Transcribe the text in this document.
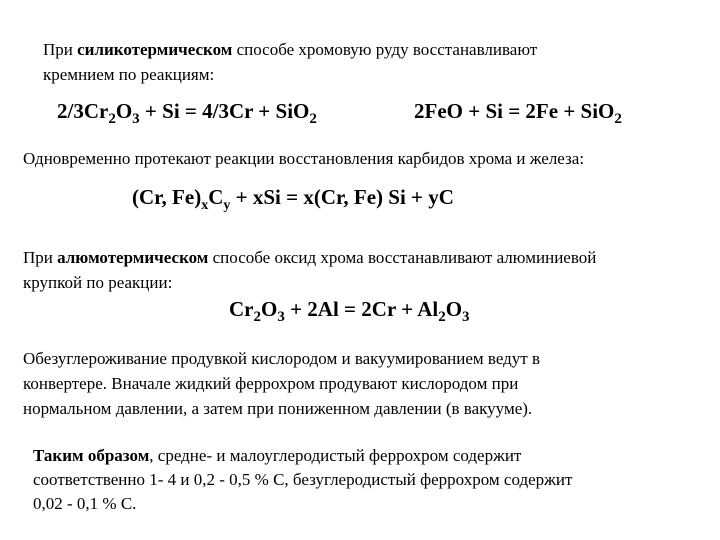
При силикотермическом способе хромовую руду восстанавливают
кремнием по реакциям:
$2/3Cr_2O_3 + Si = 4/3Cr + SiO_2$	2FeO + Si = 2Fe + SiO$_2$
Одновременно протекают реакции восстановления карбидов хрома и железа:
(Cr, $Fe)_xC_y$ + xSi = x(Cr, Fe) Si + yC
При алюмотермическом способе оксид хрома восстанавливают алюминиевой
крупкой по реакции:
$Cr_2O_3 + 2Al = 2Cr + Al_2O_3$
Обезуглероживание продувкой кислородом и вакуумированием ведут в
конвертере. Вначале жидкий феррохром продувают кислородом при
нормальном давлении, а затем при пониженном давлении (в вакууме).
Таким образом, средне- и малоуглеродистый феррохром содержит
соответственно 1- 4 и 0,2 - 0,5 % С, безуглеродистый феррохром содержит
0,02 - 0,1 % С.
